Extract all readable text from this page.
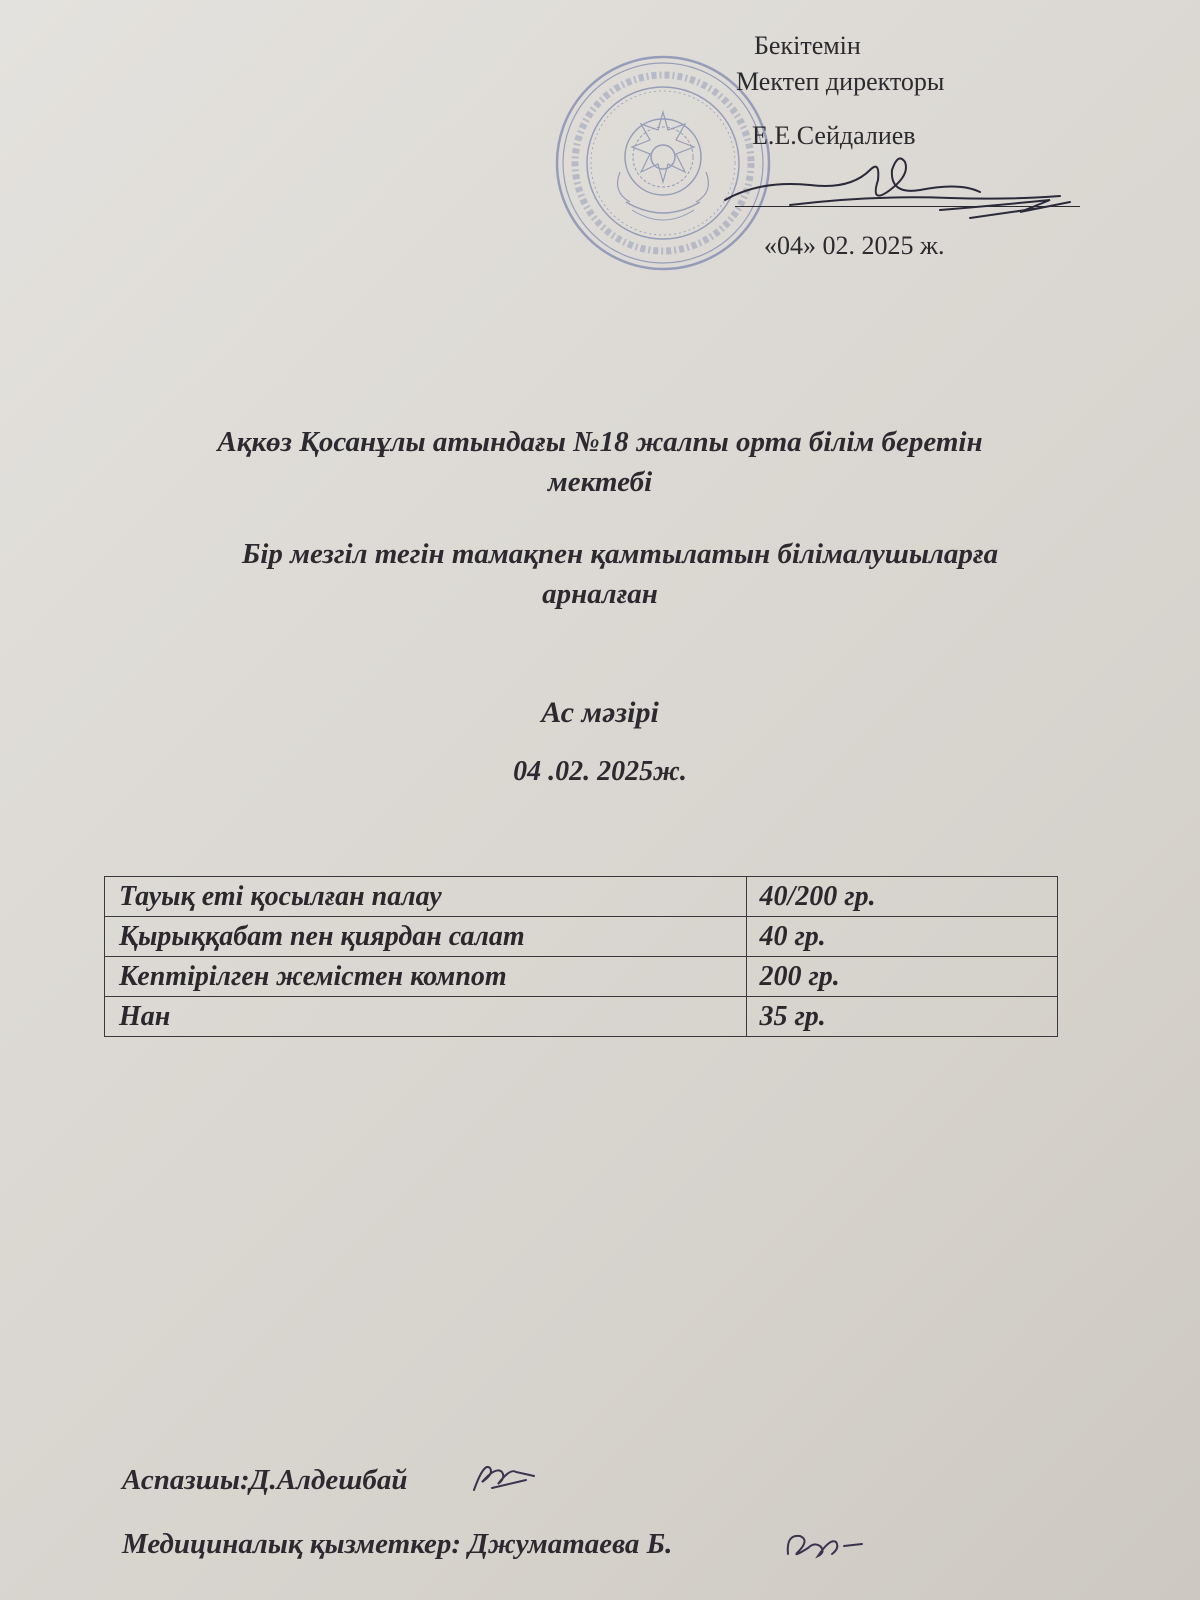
Бекітемін
Мектеп директоры
Е.Е.Сейдалиев
«04» 02. 2025 ж.
Ақкөз Қосанұлы атындағы №18 жалпы орта білім беретін
мектебі
Бір мезгіл тегін тамақпен қамтылатын білімалушыларға
арналған
Ас мәзірі
04 .02. 2025ж.
Тауық еті қосылған палау	40/200 гр.
Қырыққабат пен қиярдан салат	40 гр.
Кептірілген жемістен компот	200 гр.
Нан	35 гр.
Аспазшы:Д.Алдешбай
Медициналық қызметкер: Джуматаева Б.
